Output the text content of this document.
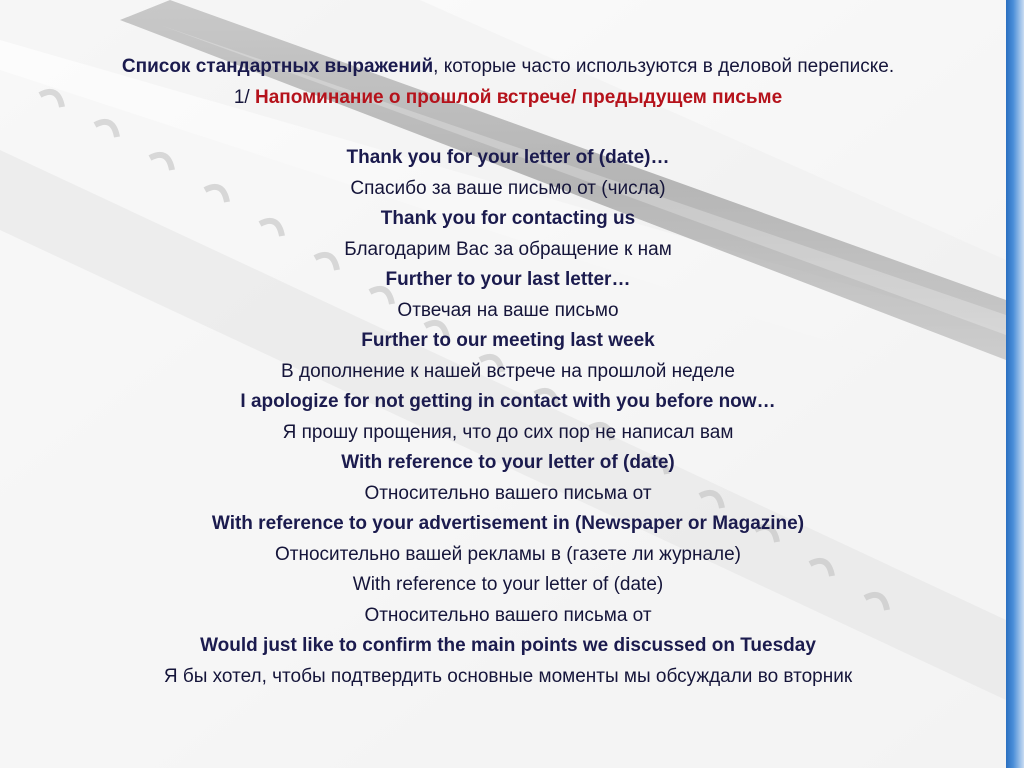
Список стандартных выражений, которые часто используются в деловой переписке.
1/ Напоминание о прошлой встрече/ предыдущем письме
Thank you for your letter of (date)…
Спасибо за ваше письмо от (числа)
Thank you for contacting us
Благодарим Вас за обращение к нам
Further to your last letter…
Отвечая на ваше письмо
Further to our meeting last week
В дополнение к нашей встрече на прошлой неделе
I apologize for not getting in contact with you before now…
Я прошу прощения, что до сих пор не написал вам
With reference to your letter of (date)
Относительно вашего письма от
With reference to your advertisement in (Newspaper or Magazine)
Относительно вашей рекламы в (газете ли журнале)
With reference to your letter of (date)
Относительно вашего письма от
Would just like to confirm the main points we discussed on Tuesday
Я бы хотел, чтобы подтвердить основные моменты мы обсуждали во вторник
